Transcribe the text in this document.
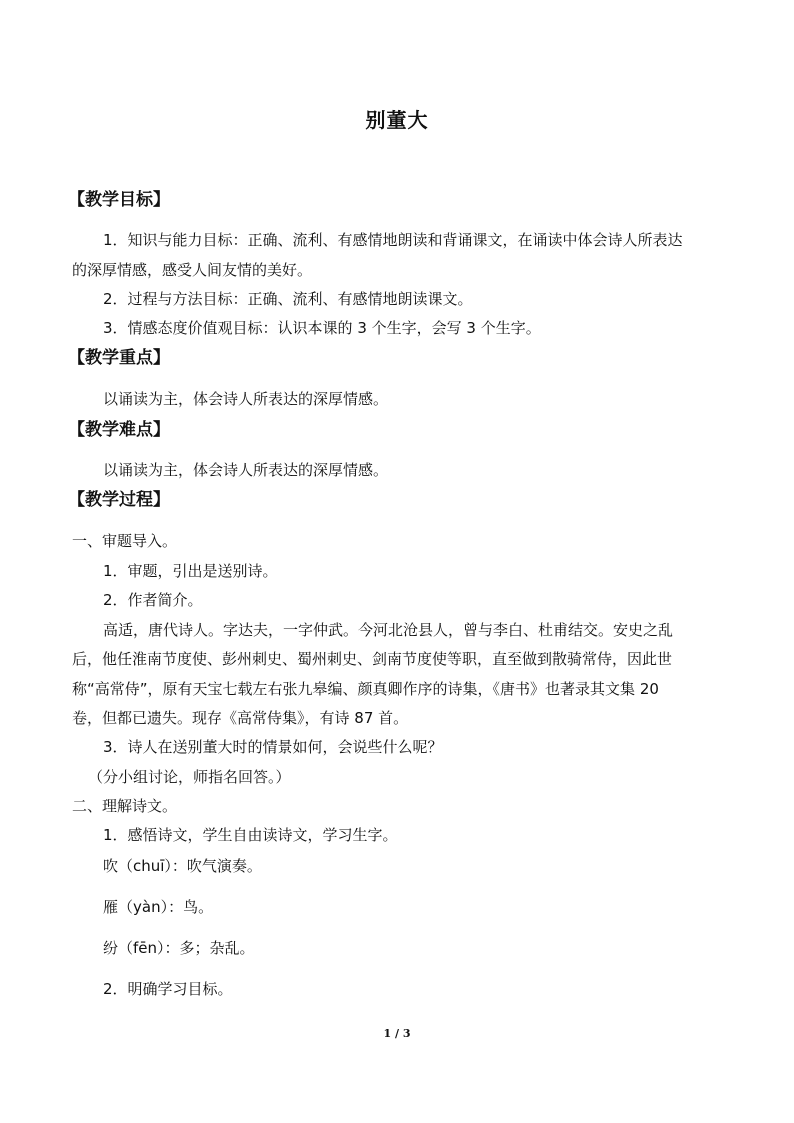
别董大
【教学目标】
1．知识与能力目标：正确、流利、有感情地朗读和背诵课文，在诵读中体会诗人所表达
的深厚情感，感受人间友情的美好。
2．过程与方法目标：正确、流利、有感情地朗读课文。
3．情感态度价值观目标：认识本课的 3 个生字，会写 3 个生字。
【教学重点】
以诵读为主，体会诗人所表达的深厚情感。
【教学难点】
以诵读为主，体会诗人所表达的深厚情感。
【教学过程】
一、审题导入。
1．审题，引出是送别诗。
2．作者简介。
高适，唐代诗人。字达夫，一字仲武。今河北沧县人，曾与李白、杜甫结交。安史之乱
后，他任淮南节度使、彭州刺史、蜀州刺史、剑南节度使等职，直至做到散骑常侍，因此世
称“高常侍”，原有天宝七载左右张九皋编、颜真卿作序的诗集，《唐书》也著录其文集 20
卷，但都已遗失。现存《高常侍集》，有诗 87 首。
3．诗人在送别董大时的情景如何，会说些什么呢？
（分小组讨论，师指名回答。）
二、理解诗文。
1．感悟诗文，学生自由读诗文，学习生字。
吹（chuī）：吹气演奏。
雁（yàn）：鸟。
纷（fēn）：多；杂乱。
2．明确学习目标。
1 / 3
